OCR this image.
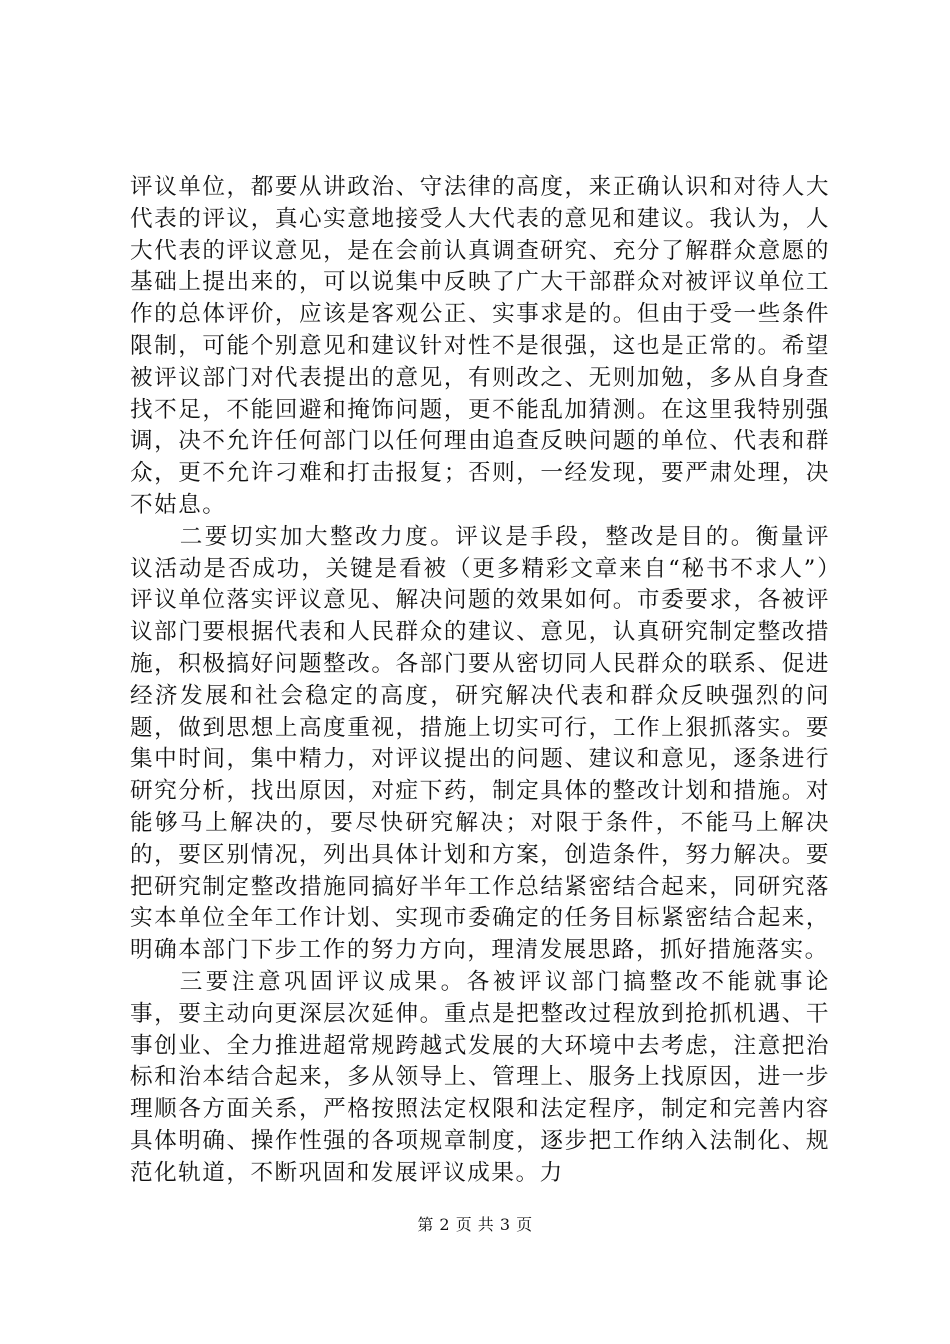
评议单位，都要从讲政治、守法律的高度，来正确认识和对待人大代表的评议，真心实意地接受人大代表的意见和建议。我认为，人大代表的评议意见，是在会前认真调查研究、充分了解群众意愿的基础上提出来的，可以说集中反映了广大干部群众对被评议单位工作的总体评价，应该是客观公正、实事求是的。但由于受一些条件限制，可能个别意见和建议针对性不是很强，这也是正常的。希望被评议部门对代表提出的意见，有则改之、无则加勉，多从自身查找不足，不能回避和掩饰问题，更不能乱加猜测。在这里我特别强调，决不允许任何部门以任何理由追查反映问题的单位、代表和群众，更不允许刁难和打击报复；否则，一经发现，要严肃处理，决不姑息。

二要切实加大整改力度。评议是手段，整改是目的。衡量评议活动是否成功，关键是看被（更多精彩文章来自“秘书不求人”）评议单位落实评议意见、解决问题的效果如何。市委要求，各被评议部门要根据代表和人民群众的建议、意见，认真研究制定整改措施，积极搞好问题整改。各部门要从密切同人民群众的联系、促进经济发展和社会稳定的高度，研究解决代表和群众反映强烈的问题，做到思想上高度重视，措施上切实可行，工作上狠抓落实。要集中时间，集中精力，对评议提出的问题、建议和意见，逐条进行研究分析，找出原因，对症下药，制定具体的整改计划和措施。对能够马上解决的，要尽快研究解决；对限于条件，不能马上解决的，要区别情况，列出具体计划和方案，创造条件，努力解决。要把研究制定整改措施同搞好半年工作总结紧密结合起来，同研究落实本单位全年工作计划、实现市委确定的任务目标紧密结合起来，明确本部门下步工作的努力方向，理清发展思路，抓好措施落实。

三要注意巩固评议成果。各被评议部门搞整改不能就事论事，要主动向更深层次延伸。重点是把整改过程放到抢抓机遇、干事创业、全力推进超常规跨越式发展的大环境中去考虑，注意把治标和治本结合起来，多从领导上、管理上、服务上找原因，进一步理顺各方面关系，严格按照法定权限和法定程序，制定和完善内容具体明确、操作性强的各项规章制度，逐步把工作纳入法制化、规范化轨道，不断巩固和发展评议成果。力

第 2 页 共 3 页
